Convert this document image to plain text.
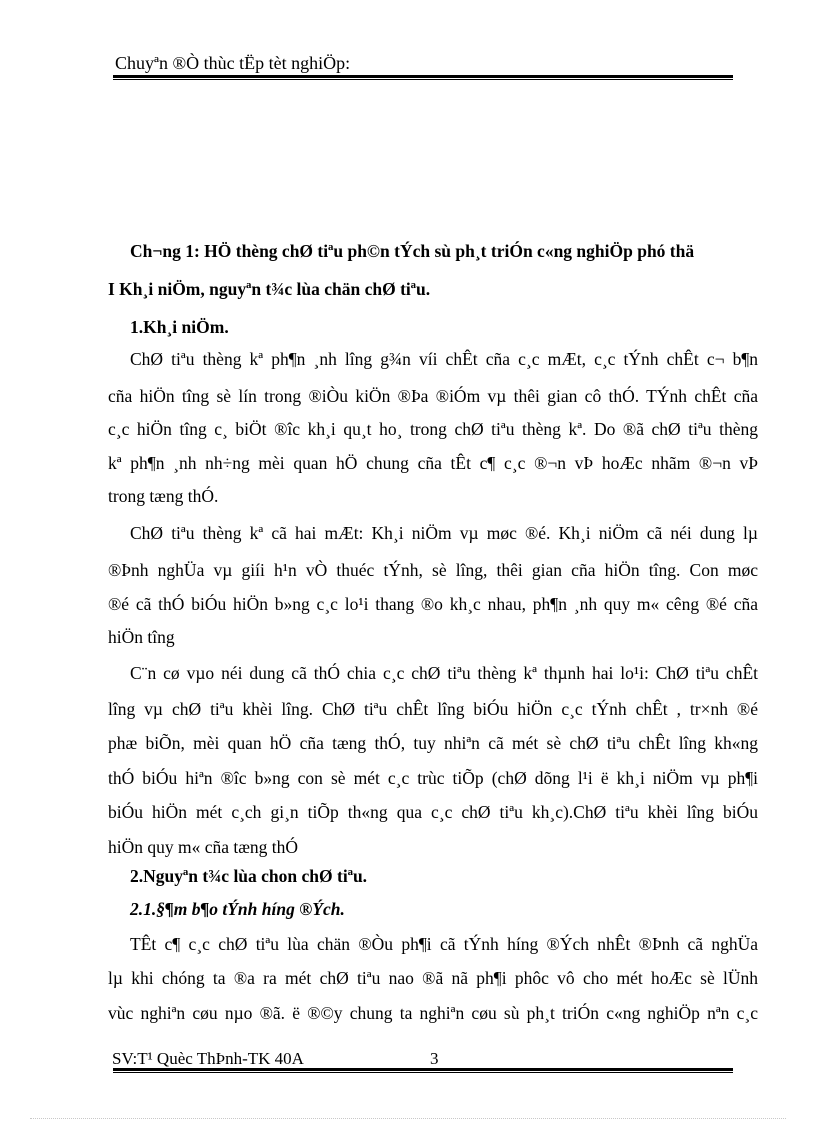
Chuyªn ®Ò thùc tËp tèt nghiÖp:
Ch¬ng 1: HÖ thèng chØ tiªu ph©n tÝch sù ph¸t triÓn c«ng nghiÖp phó thä
I Kh¸i niÖm, nguyªn t¾c lùa chän chØ tiªu.
1.Kh¸i niÖm.
ChØ tiªu thèng kª ph¶n ¸nh lîng g¾n víi chÊt cña c¸c mÆt, c¸c tÝnh chÊt c¬ b¶n
cña hiÖn tîng sè lín trong ®iÒu kiÖn ®Þa ®iÓm vµ thêi gian cô thÓ. TÝnh chÊt cña
c¸c hiÖn tîng c¸ biÖt ®îc kh¸i qu¸t ho¸ trong chØ tiªu thèng kª. Do ®ã chØ tiªu thèng
kª ph¶n ¸nh nh÷ng mèi quan hÖ chung cña tÊt c¶ c¸c ®¬n vÞ hoÆc nhãm ®¬n vÞ
trong tæng thÓ.
ChØ tiªu thèng kª cã hai mÆt: Kh¸i niÖm vµ møc ®é. Kh¸i niÖm cã néi dung lµ
®Þnh nghÜa vµ giíi h¹n vÒ thuéc tÝnh, sè lîng, thêi gian cña hiÖn tîng. Con møc
®é cã thÓ biÓu hiÖn b»ng c¸c lo¹i thang ®o kh¸c nhau, ph¶n ¸nh quy m« cêng ®é cña
hiÖn tîng
C¨n cø vµo néi dung cã thÓ chia c¸c chØ tiªu thèng kª thµnh hai lo¹i: ChØ tiªu chÊt
lîng vµ chØ tiªu khèi lîng. ChØ tiªu chÊt lîng biÓu hiÖn c¸c tÝnh chÊt , tr×nh ®é
phæ biÕn, mèi quan hÖ cña tæng thÓ, tuy nhiªn cã mét sè chØ tiªu chÊt lîng kh«ng
thÓ biÓu hiªn ®îc b»ng con sè mét c¸c trùc tiÕp (chØ dõng l¹i ë kh¸i niÖm vµ ph¶i
biÓu hiÖn mét c¸ch gi¸n tiÕp th«ng qua c¸c chØ tiªu kh¸c).ChØ tiªu khèi lîng biÓu
hiÖn quy m« cña tæng thÓ
2.Nguyªn t¾c lùa chon chØ tiªu.
2.1.§¶m b¶o tÝnh híng ®Ých.
TÊt c¶ c¸c chØ tiªu lùa chän ®Òu ph¶i cã tÝnh híng ®Ých nhÊt ®Þnh cã nghÜa
lµ khi chóng ta ®a ra mét chØ tiªu nao ®ã nã ph¶i phôc vô cho mét hoÆc sè lÜnh
vùc nghiªn cøu nµo ®ã. ë ®©y chung ta nghiªn cøu sù ph¸t triÓn c«ng nghiÖp nªn c¸c
SV:T¹ Quèc ThÞnh-TK 40A	3
